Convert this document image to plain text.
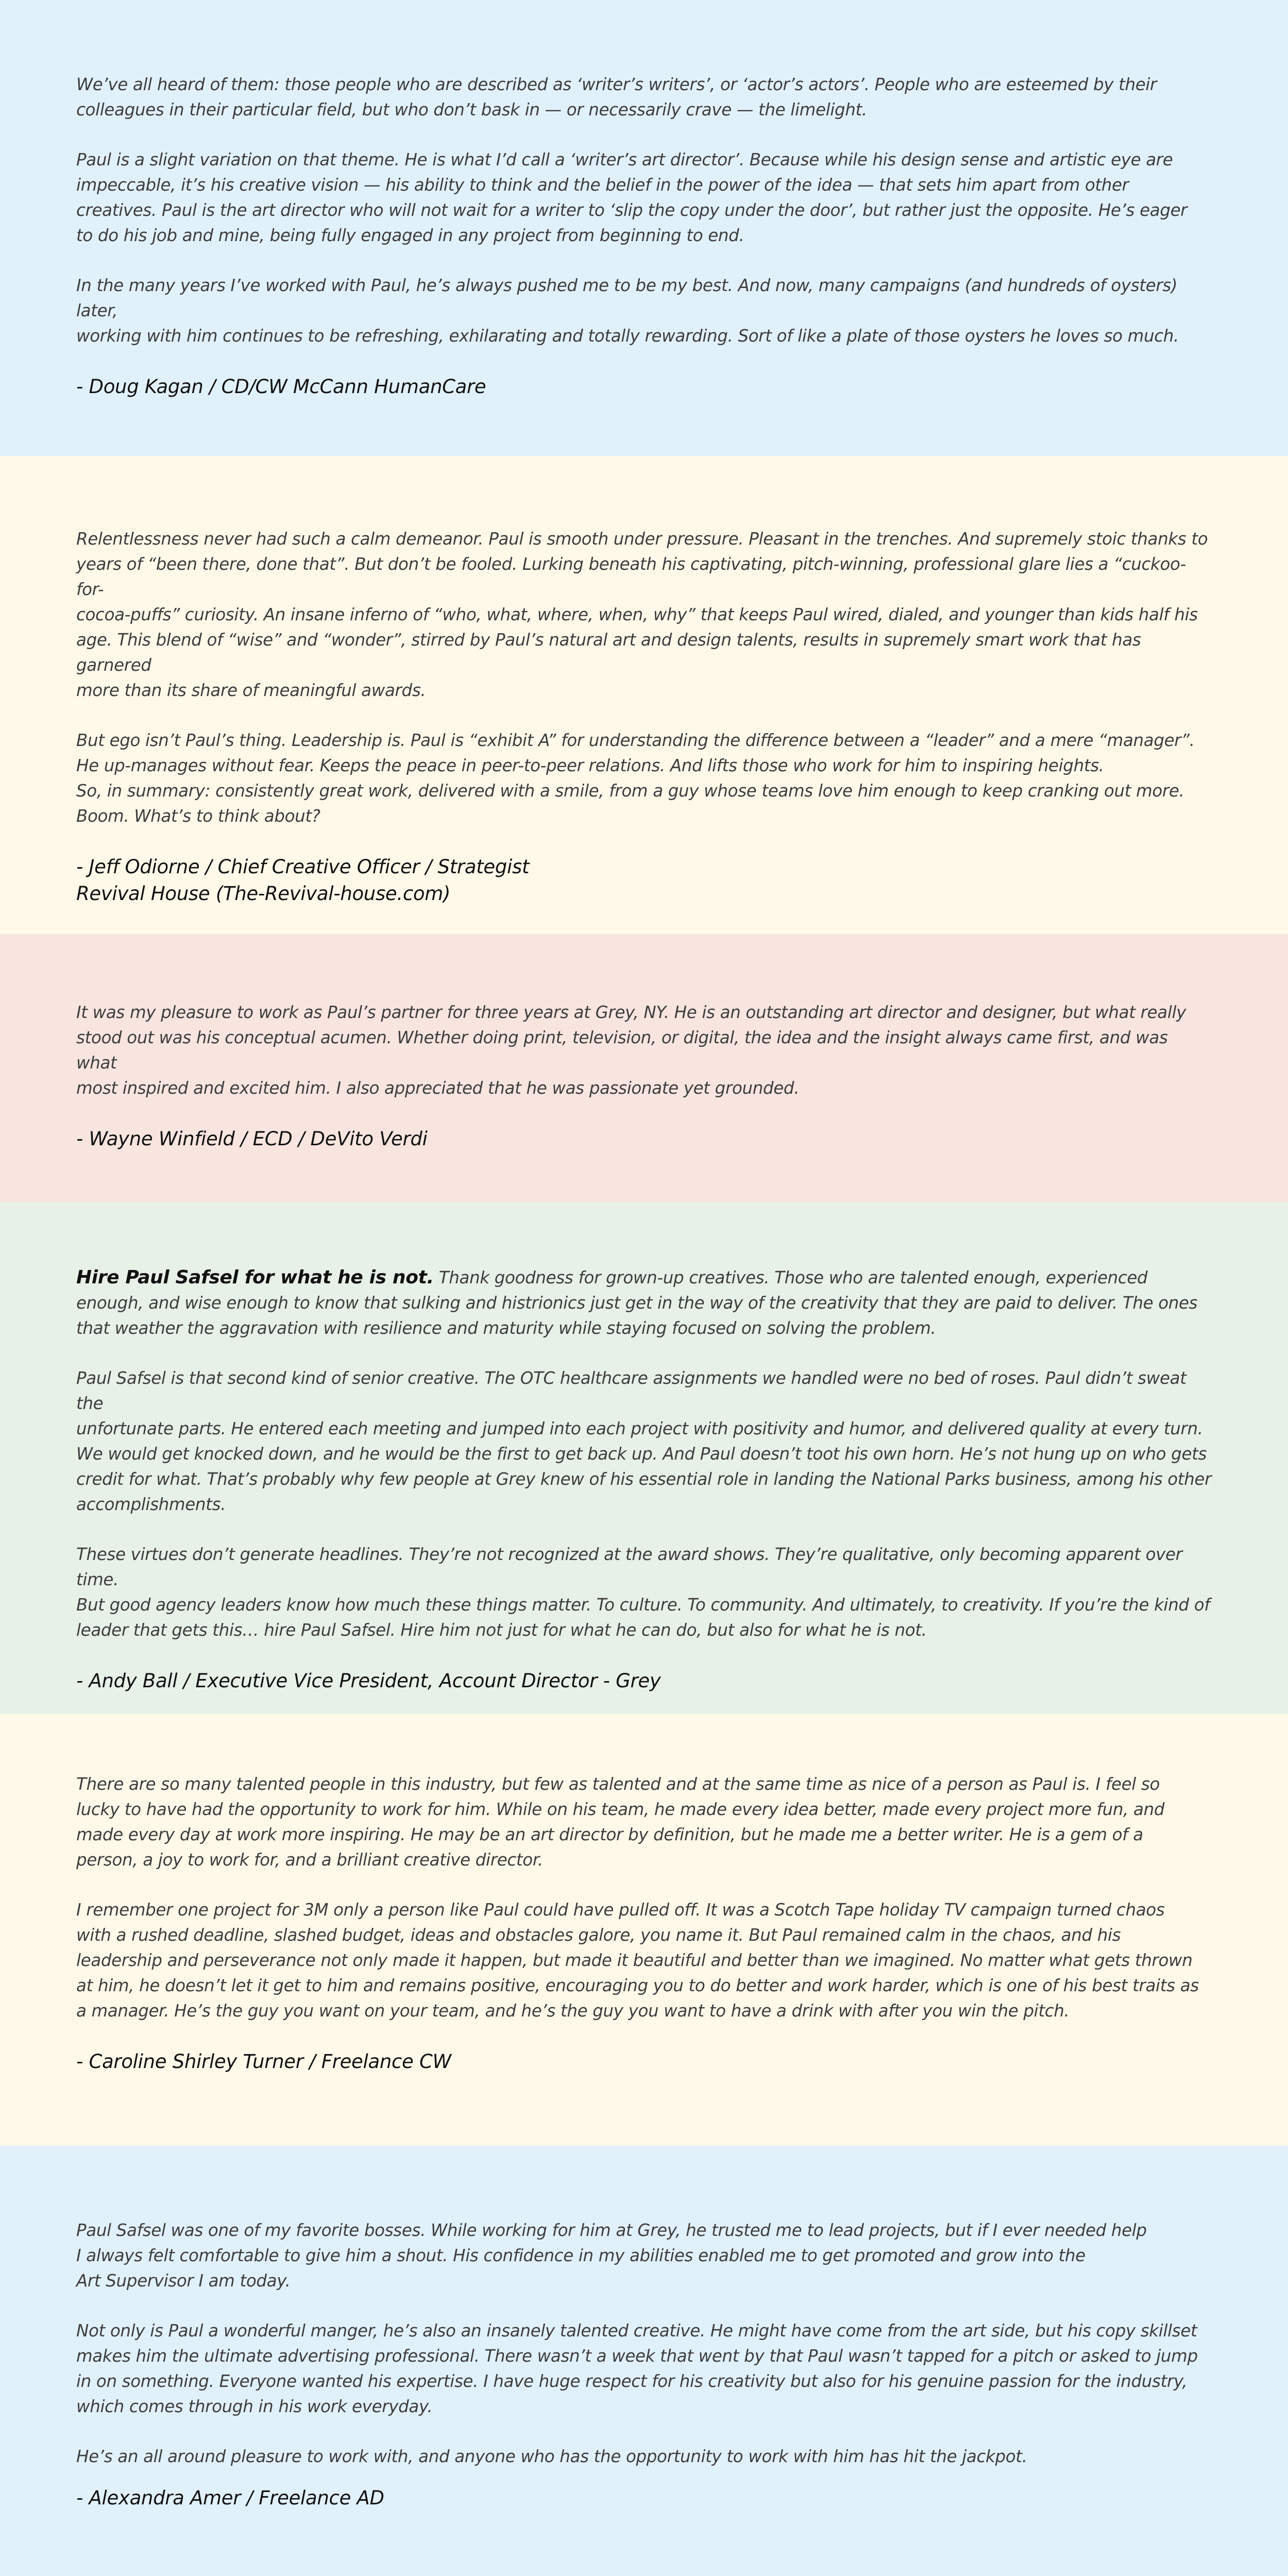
We’ve all heard of them: those people who are described as ‘writer’s writers’, or ‘actor’s actors’. People who are esteemed by their
colleagues in their particular field, but who don’t bask in — or necessarily crave — the limelight.

Paul is a slight variation on that theme. He is what I’d call a ‘writer’s art director’. Because while his design sense and artistic eye are
impeccable, it’s his creative vision — his ability to think and the belief in the power of the idea — that sets him apart from other
creatives. Paul is the art director who will not wait for a writer to ‘slip the copy under the door’, but rather just the opposite. He’s eager
to do his job and mine, being fully engaged in any project from beginning to end.

In the many years I’ve worked with Paul, he’s always pushed me to be my best. And now, many campaigns (and hundreds of oysters) later,
working with him continues to be refreshing, exhilarating and totally rewarding. Sort of like a plate of those oysters he loves so much.

- Doug Kagan / CD/CW McCann HumanCare

Relentlessness never had such a calm demeanor. Paul is smooth under pressure. Pleasant in the trenches. And supremely stoic thanks to
years of “been there, done that”. But don’t be fooled. Lurking beneath his captivating, pitch-winning, professional glare lies a “cuckoo-for-
cocoa-puffs” curiosity. An insane inferno of “who, what, where, when, why” that keeps Paul wired, dialed, and younger than kids half his
age. This blend of “wise” and “wonder”, stirred by Paul’s natural art and design talents, results in supremely smart work that has garnered
more than its share of meaningful awards.

But ego isn’t Paul’s thing. Leadership is. Paul is “exhibit A” for understanding the difference between a “leader” and a mere “manager”.
He up-manages without fear. Keeps the peace in peer-to-peer relations. And lifts those who work for him to inspiring heights.
So, in summary: consistently great work, delivered with a smile, from a guy whose teams love him enough to keep cranking out more.
Boom. What’s to think about?

- Jeff Odiorne / Chief Creative Officer / Strategist
Revival House (The-Revival-house.com)

It was my pleasure to work as Paul’s partner for three years at Grey, NY. He is an outstanding art director and designer, but what really
stood out was his conceptual acumen. Whether doing print, television, or digital, the idea and the insight always came first, and was what
most inspired and excited him. I also appreciated that he was passionate yet grounded.

- Wayne Winfield / ECD / DeVito Verdi

Hire Paul Safsel for what he is not. Thank goodness for grown-up creatives. Those who are talented enough, experienced
enough, and wise enough to know that sulking and histrionics just get in the way of the creativity that they are paid to deliver. The ones
that weather the aggravation with resilience and maturity while staying focused on solving the problem.

Paul Safsel is that second kind of senior creative. The OTC healthcare assignments we handled were no bed of roses. Paul didn’t sweat the
unfortunate parts. He entered each meeting and jumped into each project with positivity and humor, and delivered quality at every turn.
We would get knocked down, and he would be the first to get back up. And Paul doesn’t toot his own horn. He’s not hung up on who gets
credit for what. That’s probably why few people at Grey knew of his essential role in landing the National Parks business, among his other
accomplishments.

These virtues don’t generate headlines. They’re not recognized at the award shows. They’re qualitative, only becoming apparent over time.
But good agency leaders know how much these things matter. To culture. To community. And ultimately, to creativity. If you’re the kind of
leader that gets this… hire Paul Safsel. Hire him not just for what he can do, but also for what he is not.

- Andy Ball / Executive Vice President, Account Director - Grey

There are so many talented people in this industry, but few as talented and at the same time as nice of a person as Paul is. I feel so
lucky to have had the opportunity to work for him. While on his team, he made every idea better, made every project more fun, and
made every day at work more inspiring. He may be an art director by definition, but he made me a better writer. He is a gem of a
person, a joy to work for, and a brilliant creative director.

I remember one project for 3M only a person like Paul could have pulled off. It was a Scotch Tape holiday TV campaign turned chaos
with a rushed deadline, slashed budget, ideas and obstacles galore, you name it. But Paul remained calm in the chaos, and his
leadership and perseverance not only made it happen, but made it beautiful and better than we imagined. No matter what gets thrown
at him, he doesn’t let it get to him and remains positive, encouraging you to do better and work harder, which is one of his best traits as
a manager. He’s the guy you want on your team, and he’s the guy you want to have a drink with after you win the pitch.

- Caroline Shirley Turner / Freelance CW

Paul Safsel was one of my favorite bosses. While working for him at Grey, he trusted me to lead projects, but if I ever needed help
I always felt comfortable to give him a shout. His confidence in my abilities enabled me to get promoted and grow into the
Art Supervisor I am today.

Not only is Paul a wonderful manger, he’s also an insanely talented creative. He might have come from the art side, but his copy skillset
makes him the ultimate advertising professional. There wasn’t a week that went by that Paul wasn’t tapped for a pitch or asked to jump
in on something. Everyone wanted his expertise. I have huge respect for his creativity but also for his genuine passion for the industry,
which comes through in his work everyday.

He’s an all around pleasure to work with, and anyone who has the opportunity to work with him has hit the jackpot.

- Alexandra Amer / Freelance AD
